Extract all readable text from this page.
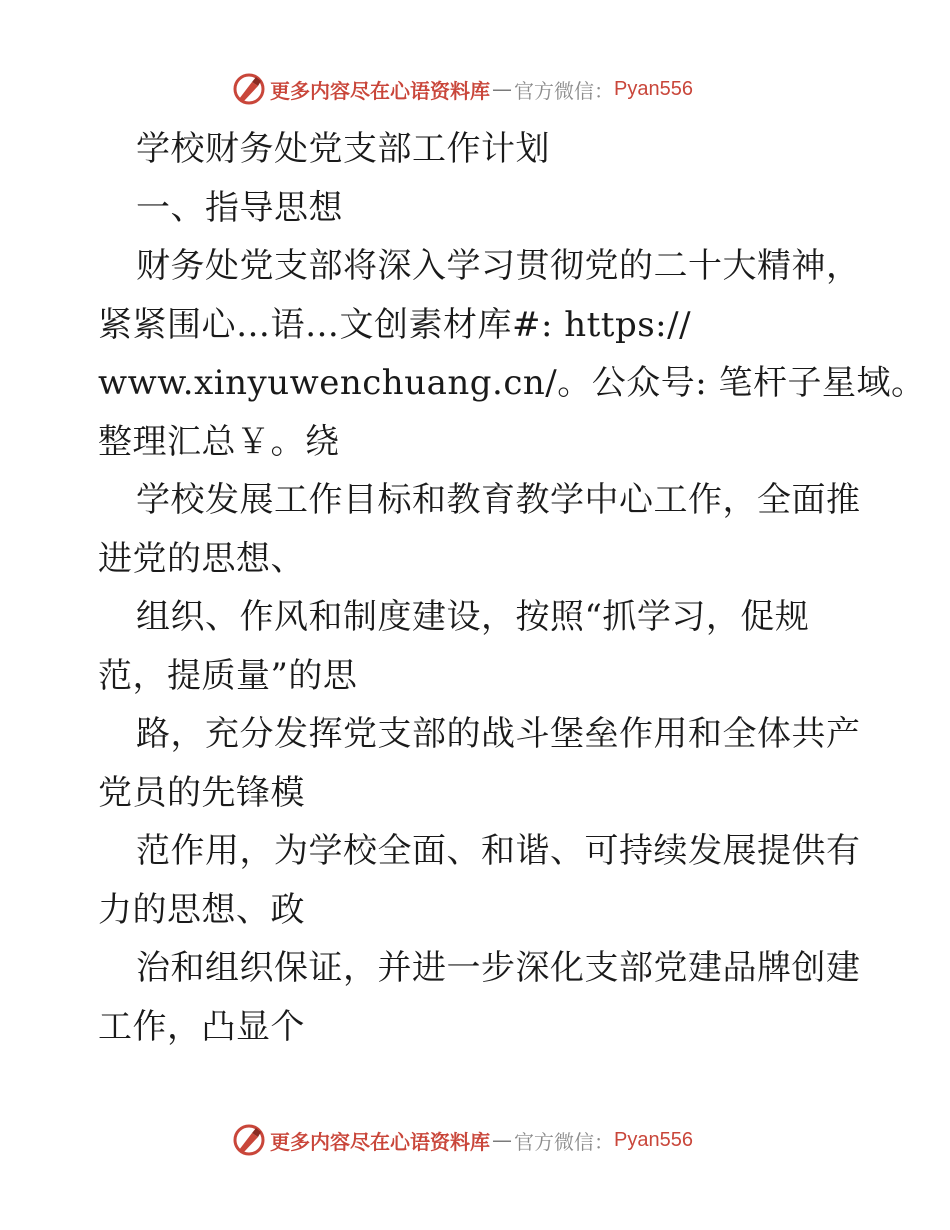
更多内容尽在心语资料库 — 官方微信： Pyan556
学校财务处党支部工作计划
一、指导思想
财务处党支部将深入学习贯彻党的二十大精神，
紧紧围心…语…文创素材库#: https://
www.xinyuwenchuang.cn/。公众号: 笔杆子星域。
整理汇总￥。绕
学校发展工作目标和教育教学中心工作，全面推
进党的思想、
组织、作风和制度建设，按照“抓学习，促规
范，提质量”的思
路，充分发挥党支部的战斗堡垒作用和全体共产
党员的先锋模
范作用，为学校全面、和谐、可持续发展提供有
力的思想、政
治和组织保证，并进一步深化支部党建品牌创建
工作，凸显个
更多内容尽在心语资料库 — 官方微信： Pyan556
